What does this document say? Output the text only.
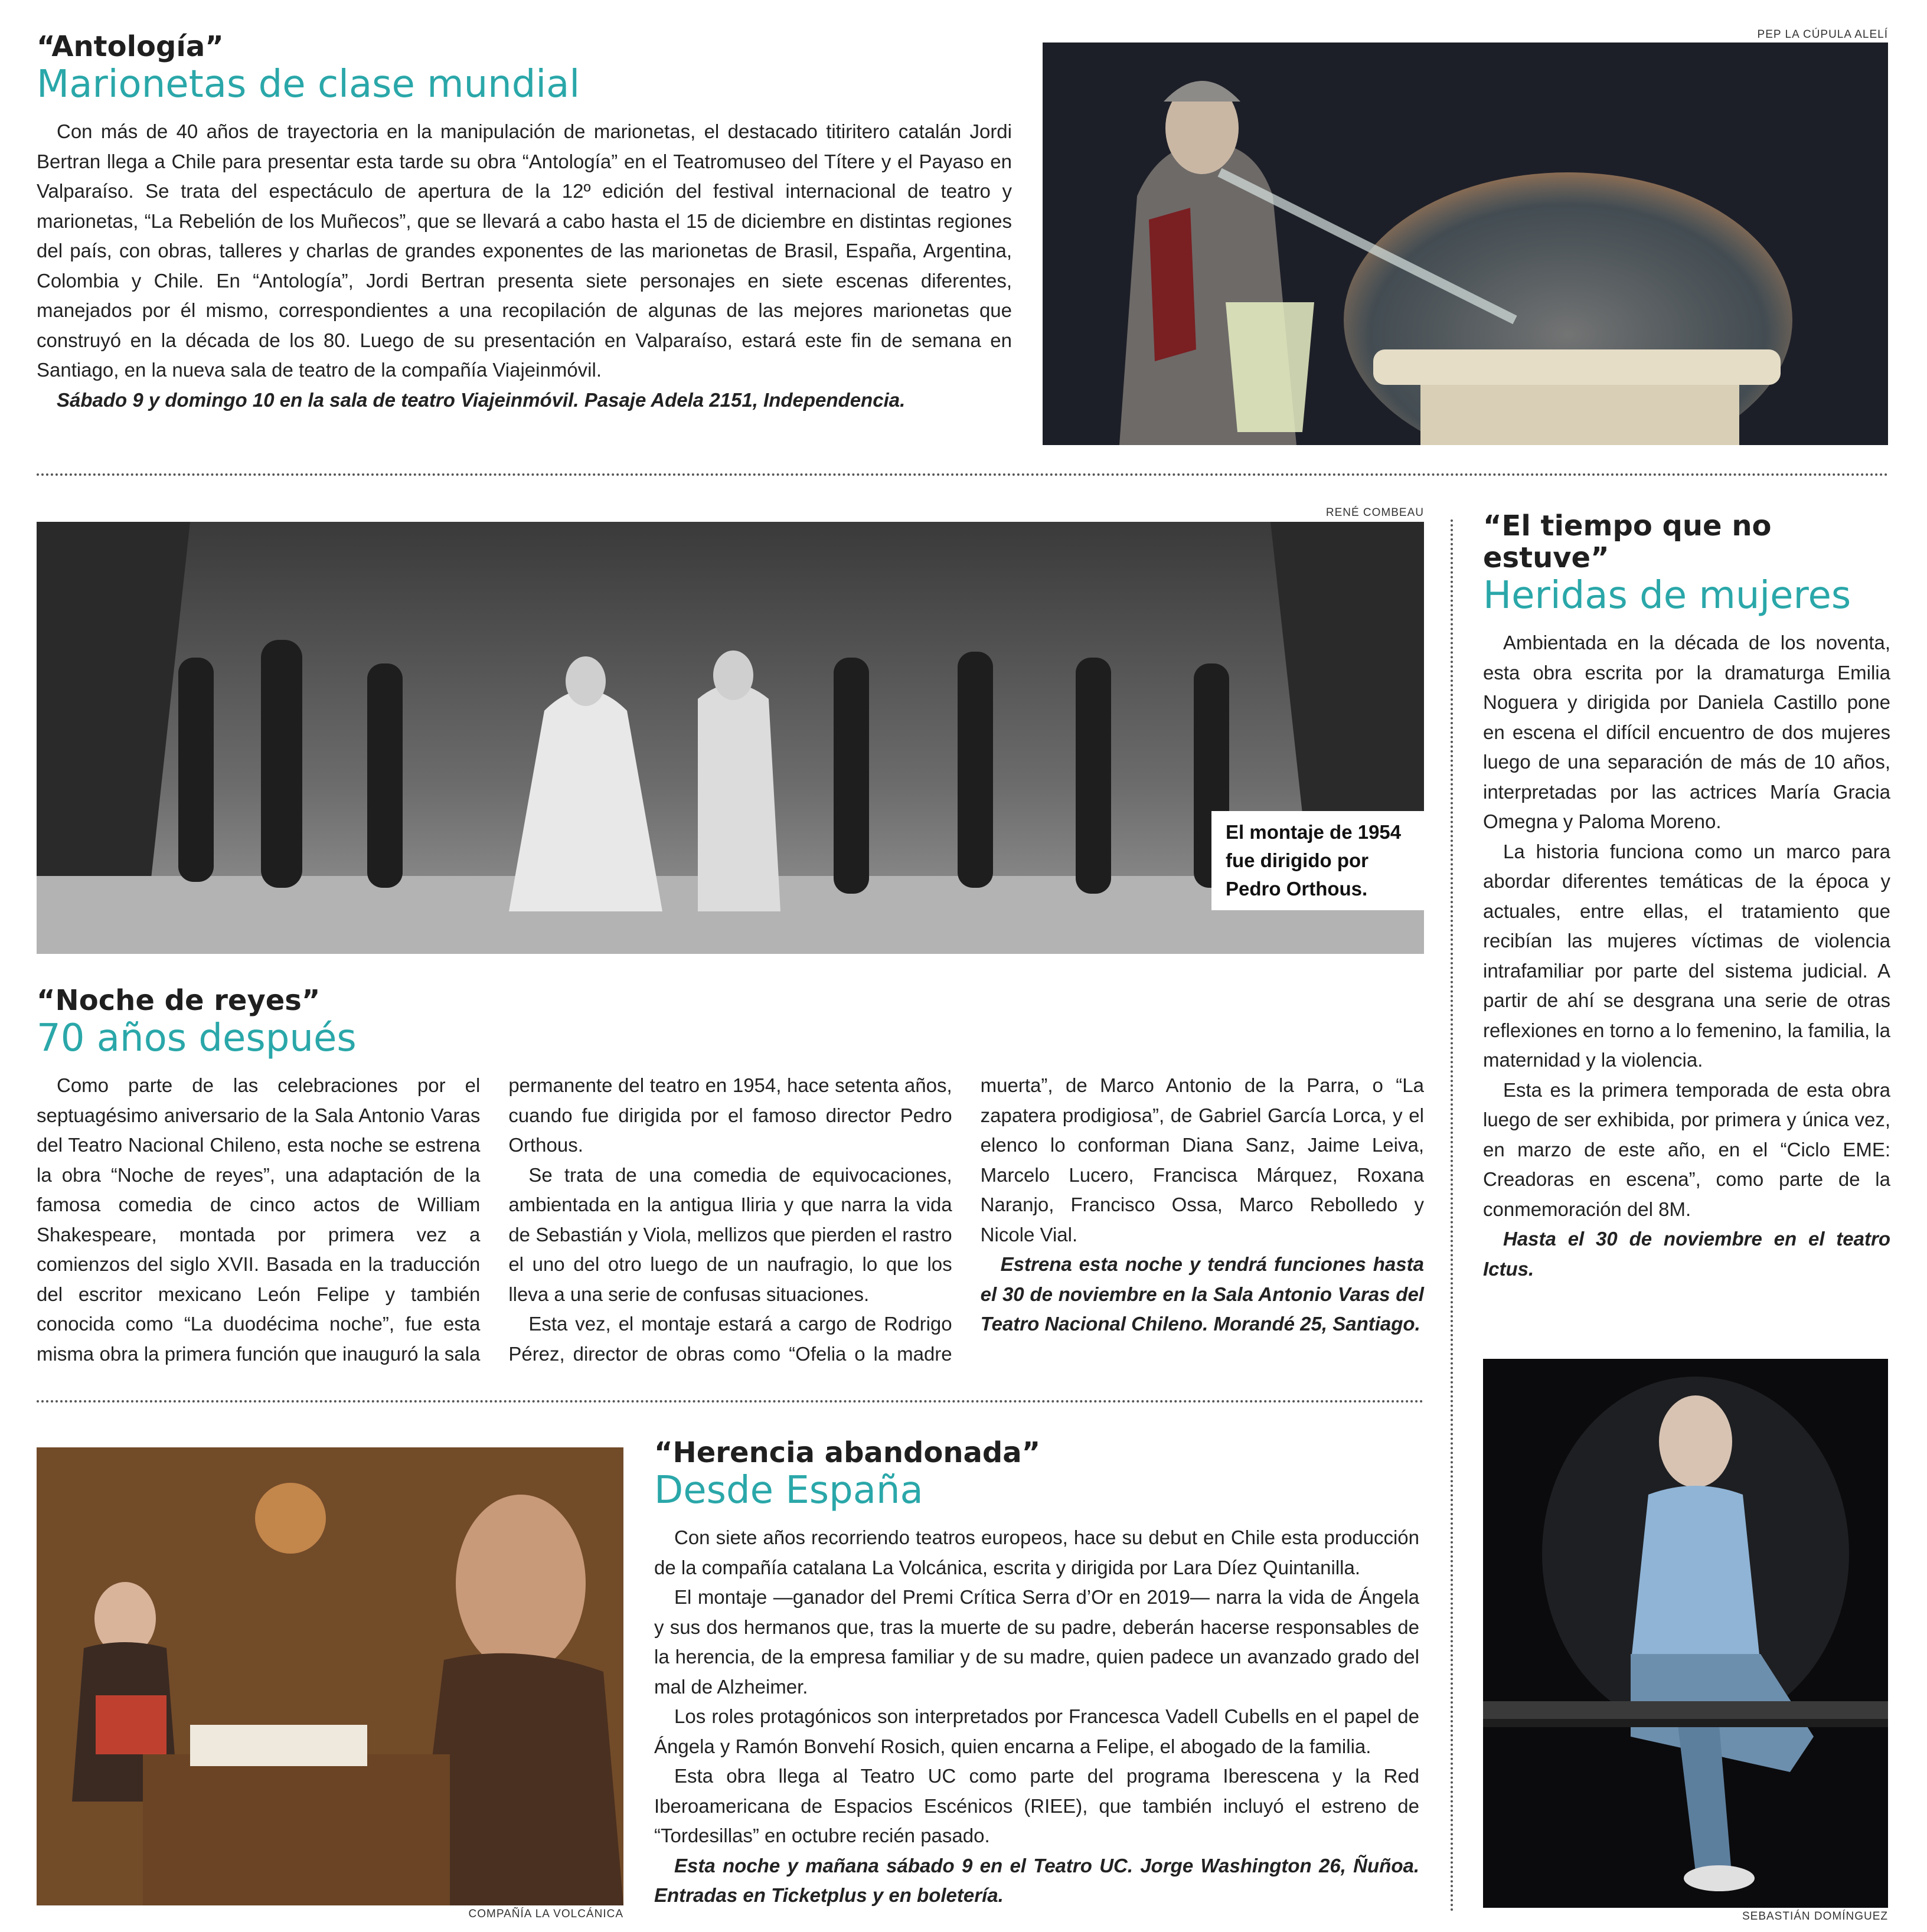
“Antología”
Marionetas de clase mundial

Con más de 40 años de trayectoria en la manipulación de marionetas, el destacado titiritero catalán Jordi Bertran llega a Chile para presentar esta tarde su obra “Antología” en el Teatromuseo del Títere y el Payaso en Valparaíso. Se trata del espectáculo de apertura de la 12º edición del festival internacional de teatro y marionetas, “La Rebelión de los Muñecos”, que se llevará a cabo hasta el 15 de diciembre en distintas regiones del país, con obras, talleres y charlas de grandes exponentes de las marionetas de Brasil, España, Argentina, Colombia y Chile. En “Antología”, Jordi Bertran presenta siete personajes en siete escenas diferentes, manejados por él mismo, correspondientes a una recopilación de algunas de las mejores marionetas que construyó en la década de los 80. Luego de su presentación en Valparaíso, estará este fin de semana en Santiago, en la nueva sala de teatro de la compañía Viajeinmóvil.

Sábado 9 y domingo 10 en la sala de teatro Viajeinmóvil. Pasaje Adela 2151, Independencia.

PEP LA CÚPULA ALELÍ
RENÉ COMBEAU
El montaje de 1954 fue dirigido por Pedro Orthous.
“Noche de reyes”
70 años después

Como parte de las celebraciones por el septuagésimo aniversario de la Sala Antonio Varas del Teatro Nacional Chileno, esta noche se estrena la obra “Noche de reyes”, una adaptación de la famosa comedia de cinco actos de William Shakespeare, montada por primera vez a comienzos del siglo XVII. Basada en la traducción del escritor mexicano León Felipe y también conocida como “La duodécima noche”, fue esta misma obra la primera función que inauguró la sala permanente del teatro en 1954, hace setenta años, cuando fue dirigida por el famoso director Pedro Orthous.

Se trata de una comedia de equivocaciones, ambientada en la antigua Iliria y que narra la vida de Sebastián y Viola, mellizos que pierden el rastro el uno del otro luego de un naufragio, lo que los lleva a una serie de confusas situaciones.

Esta vez, el montaje estará a cargo de Rodrigo Pérez, director de obras como “Ofelia o la madre muerta”, de Marco Antonio de la Parra, o “La zapatera prodigiosa”, de Gabriel García Lorca, y el elenco lo conforman Diana Sanz, Jaime Leiva, Marcelo Lucero, Francisca Márquez, Roxana Naranjo, Francisco Ossa, Marco Rebolledo y Nicole Vial.

Estrena esta noche y tendrá funciones hasta el 30 de noviembre en la Sala Antonio Varas del Teatro Nacional Chileno. Morandé 25, Santiago.

COMPAÑÍA LA VOLCÁNICA
“Herencia abandonada”
Desde España

Con siete años recorriendo teatros europeos, hace su debut en Chile esta producción de la compañía catalana La Volcánica, escrita y dirigida por Lara Díez Quintanilla.

El montaje —ganador del Premi Crítica Serra d’Or en 2019— narra la vida de Ángela y sus dos hermanos que, tras la muerte de su padre, deberán hacerse responsables de la herencia, de la empresa familiar y de su madre, quien padece un avanzado grado del mal de Alzheimer.

Los roles protagónicos son interpretados por Francesca Vadell Cubells en el papel de Ángela y Ramón Bonvehí Rosich, quien encarna a Felipe, el abogado de la familia.

Esta obra llega al Teatro UC como parte del programa Iberescena y la Red Iberoamericana de Espacios Escénicos (RIEE), que también incluyó el estreno de “Tordesillas” en octubre recién pasado.

Esta noche y mañana sábado 9 en el Teatro UC. Jorge Washington 26, Ñuñoa. Entradas en Ticketplus y en boletería.

“El tiempo que no estuve”
Heridas de mujeres

Ambientada en la década de los noventa, esta obra escrita por la dramaturga Emilia Noguera y dirigida por Daniela Castillo pone en escena el difícil encuentro de dos mujeres luego de una separación de más de 10 años, interpretadas por las actrices María Gracia Omegna y Paloma Moreno.

La historia funciona como un marco para abordar diferentes temáticas de la época y actuales, entre ellas, el tratamiento que recibían las mujeres víctimas de violencia intrafamiliar por parte del sistema judicial. A partir de ahí se desgrana una serie de otras reflexiones en torno a lo femenino, la familia, la maternidad y la violencia.

Esta es la primera temporada de esta obra luego de ser exhibida, por primera y única vez, en marzo de este año, en el “Ciclo EME: Creadoras en escena”, como parte de la conmemoración del 8M.

Hasta el 30 de noviembre en el teatro Ictus.

SEBASTIÁN DOMÍNGUEZ
